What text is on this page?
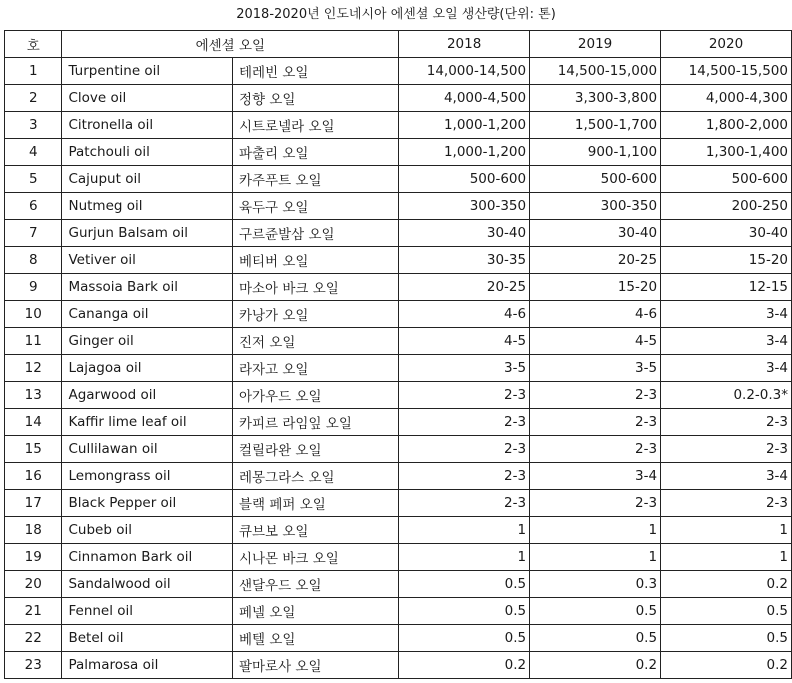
2018-2020년 인도네시아 에센셜 오일 생산량(단위: 톤)
호	에센셜 오일		2018	2019	2020
1	Turpentine oil	테레빈 오일	14,000-14,500	14,500-15,000	14,500-15,500
2	Clove oil	정향 오일	4,000-4,500	3,300-3,800	4,000-4,300
3	Citronella oil	시트로넬라 오일	1,000-1,200	1,500-1,700	1,800-2,000
4	Patchouli oil	파출리 오일	1,000-1,200	900-1,100	1,300-1,400
5	Cajuput oil	카주푸트 오일	500-600	500-600	500-600
6	Nutmeg oil	육두구 오일	300-350	300-350	200-250
7	Gurjun Balsam oil	구르쥰발삼 오일	30-40	30-40	30-40
8	Vetiver oil	베티버 오일	30-35	20-25	15-20
9	Massoia Bark oil	마소아 바크 오일	20-25	15-20	12-15
10	Cananga oil	카낭가 오일	4-6	4-6	3-4
11	Ginger oil	진저 오일	4-5	4-5	3-4
12	Lajagoa oil	라자고 오일	3-5	3-5	3-4
13	Agarwood oil	아가우드 오일	2-3	2-3	0.2-0.3*
14	Kaffir lime leaf oil	카피르 라임잎 오일	2-3	2-3	2-3
15	Cullilawan oil	컬릴라완 오일	2-3	2-3	2-3
16	Lemongrass oil	레몽그라스 오일	2-3	3-4	3-4
17	Black Pepper oil	블랙 페퍼 오일	2-3	2-3	2-3
18	Cubeb oil	큐브보 오일	1	1	1
19	Cinnamon Bark oil	시나몬 바크 오일	1	1	1
20	Sandalwood oil	샌달우드 오일	0.5	0.3	0.2
21	Fennel oil	페넬 오일	0.5	0.5	0.5
22	Betel oil	베텔 오일	0.5	0.5	0.5
23	Palmarosa oil	팔마로사 오일	0.2	0.2	0.2
